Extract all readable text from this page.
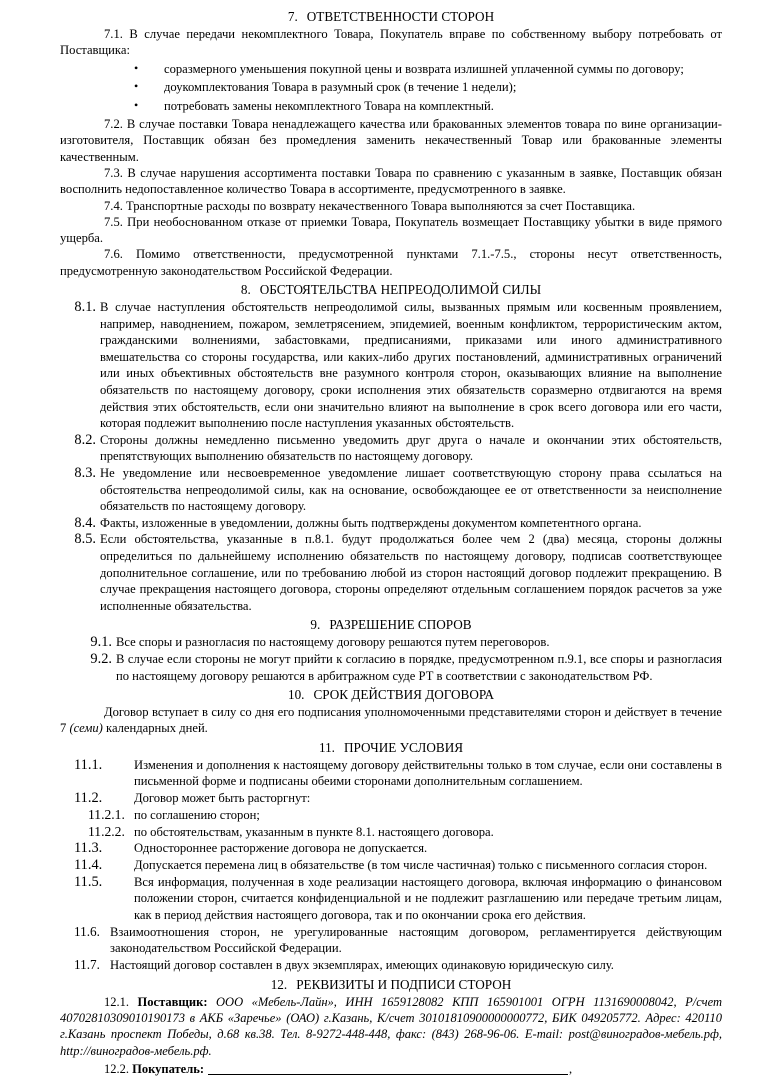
7. ОТВЕТСТВЕННОСТИ СТОРОН

7.1. В случае передачи некомплектного Товара, Покупатель вправе по собственному выбору потребовать от Поставщика:

• соразмерного уменьшения покупной цены и возврата излишней уплаченной суммы по договору;
• доукомплектования Товара в разумный срок (в течение 1 недели);
• потребовать замены некомплектного Товара на комплектный.

7.2. В случае поставки Товара ненадлежащего качества или бракованных элементов товара по вине организации-изготовителя, Поставщик обязан без промедления заменить некачественный Товар или бракованные элементы качественным.

7.3. В случае нарушения ассортимента поставки Товара по сравнению с указанным в заявке, Поставщик обязан восполнить недопоставленное количество Товара в ассортименте, предусмотренного в заявке.

7.4. Транспортные расходы по возврату некачественного Товара выполняются за счет Поставщика.

7.5. При необоснованном отказе от приемки Товара, Покупатель возмещает Поставщику убытки в виде прямого ущерба.

7.6. Помимо ответственности, предусмотренной пунктами 7.1.-7.5., стороны несут ответственность, предусмотренную законодательством Российской Федерации.

8. ОБСТОЯТЕЛЬСТВА НЕПРЕОДОЛИМОЙ СИЛЫ
8.1. В случае наступления обстоятельств непреодолимой силы, вызванных прямым или косвенным проявлением, например, наводнением, пожаром, землетрясением, эпидемией, военным конфликтом, террористическим актом, гражданскими волнениями, забастовками, предписаниями, приказами или иного административного вмешательства со стороны государства, или каких-либо других постановлений, административных ограничений или иных объективных обстоятельств вне разумного контроля сторон, оказывающих влияние на выполнение обязательств по настоящему договору, сроки исполнения этих обязательств соразмерно отдвигаются на время действия этих обстоятельств, если они значительно влияют на выполнение в срок всего договора или его части, которая подлежит выполнению после наступления указанных обстоятельств.
8.2. Стороны должны немедленно письменно уведомить друг друга о начале и окончании этих обстоятельств, препятствующих выполнению обязательств по настоящему договору.
8.3. Не уведомление или несвоевременное уведомление лишает соответствующую сторону права ссылаться на обстоятельства непреодолимой силы, как на основание, освобождающее ее от ответственности за неисполнение обязательств по настоящему договору.
8.4. Факты, изложенные в уведомлении, должны быть подтверждены документом компетентного органа.
8.5. Если обстоятельства, указанные в п.8.1. будут продолжаться более чем 2 (два) месяца, стороны должны определиться по дальнейшему исполнению обязательств по настоящему договору, подписав соответствующее дополнительное соглашение, или по требованию любой из сторон настоящий договор подлежит прекращению. В случае прекращения настоящего договора, стороны определяют отдельным соглашением порядок расчетов за уже исполненные обязательства.
9. РАЗРЕШЕНИЕ СПОРОВ
9.1. Все споры и разногласия по настоящему договору решаются путем переговоров.
9.2. В случае если стороны не могут прийти к согласию в порядке, предусмотренном п.9.1, все споры и разногласия по настоящему договору решаются в арбитражном суде РТ в соответствии с законодательством РФ.
10. СРОК ДЕЙСТВИЯ ДОГОВОРА

Договор вступает в силу со дня его подписания уполномоченными представителями сторон и действует в течение 7 (семи) календарных дней.

11. ПРОЧИЕ УСЛОВИЯ
11.1.	Изменения и дополнения к настоящему договору действительны только в том случае, если они составлены в письменной форме и подписаны обеими сторонами дополнительным соглашением.
11.2.	Договор может быть расторгнут:
11.2.1. по соглашению сторон;
11.2.2. по обстоятельствам, указанным в пункте 8.1. настоящего договора.
11.3.	Одностороннее расторжение договора не допускается.
11.4.	Допускается перемена лиц в обязательстве (в том числе частичная) только с письменного согласия сторон.
11.5.	Вся информация, полученная в ходе реализации настоящего договора, включая информацию о финансовом положении сторон, считается конфиденциальной и не подлежит разглашению или передаче третьим лицам, как в период действия настоящего договора, так и по окончании срока его действия.
11.6. Взаимоотношения сторон, не урегулированные настоящим договором, регламентируется действующим законодательством Российской Федерации.
11.7. Настоящий договор составлен в двух экземплярах, имеющих одинаковую юридическую силу.
12. РЕКВИЗИТЫ И ПОДПИСИ СТОРОН

12.1. Поставщик: ООО «Мебель-Лайн», ИНН 1659128082 КПП 165901001 ОГРН 1131690008042, Р/счет 40702810309010190173 в АКБ «Заречье» (ОАО) г.Казань, К/счет 30101810900000000772, БИК 049205772. Адрес: 420110 г.Казань проспект Победы, д.68 кв.38. Тел. 8-9272-448-448, факс: (843) 268-96-06. E-mail: post@виноградов-мебель.рф, http://виноградов-мебель.рф.

12.2. Покупатель:	,
